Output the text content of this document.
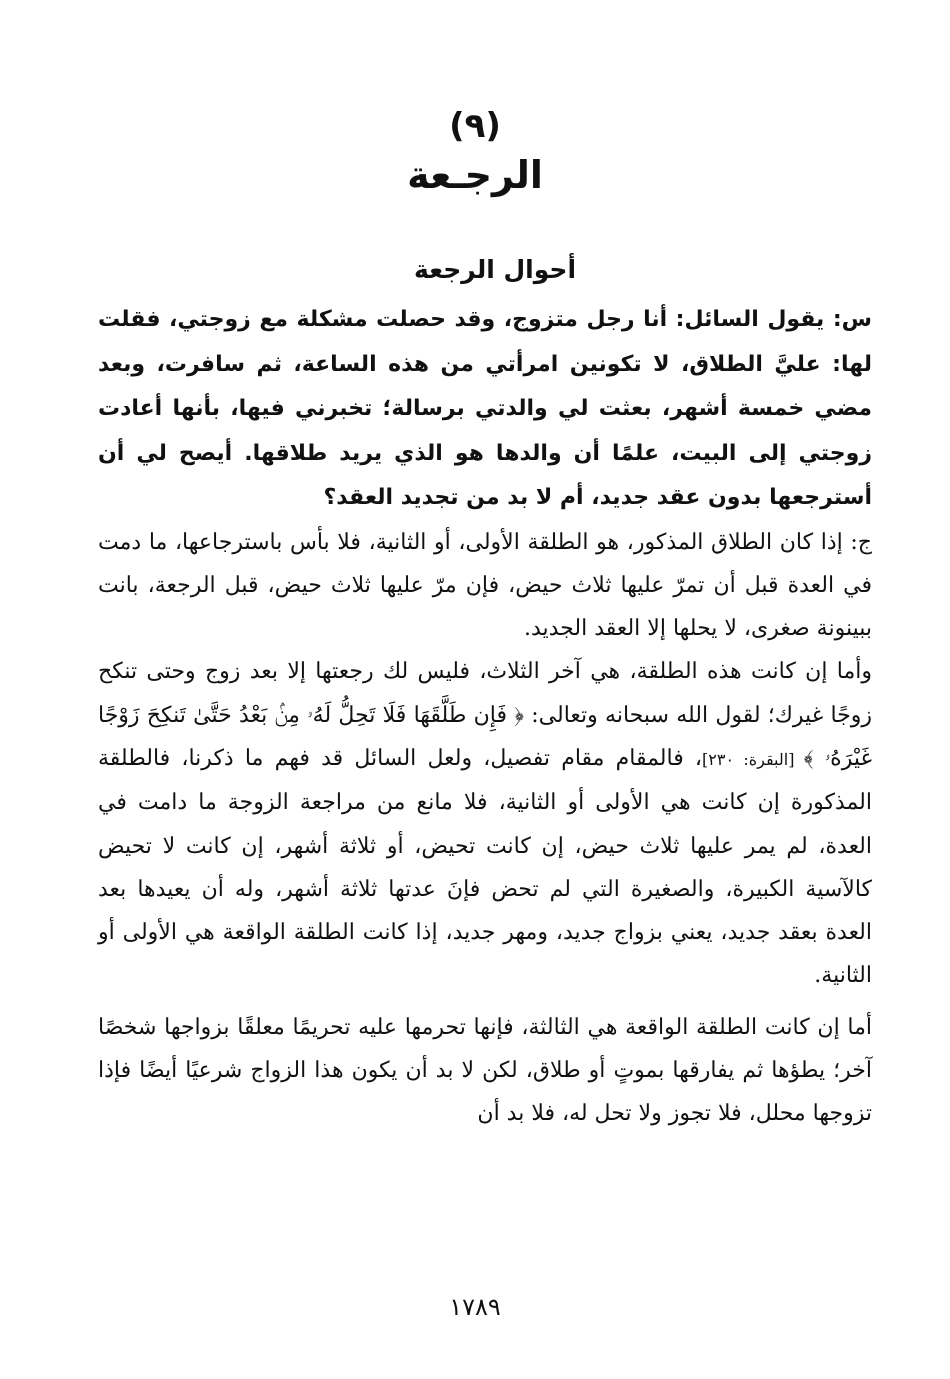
(٩)
الرجـعة
أحوال الرجعة

س: يقول السائل: أنا رجل متزوج، وقد حصلت مشكلة مع زوجتي، فقلت لها: عليَّ الطلاق، لا تكونين امرأتي من هذه الساعة، ثم سافرت، وبعد مضي خمسة أشهر، بعثت لي والدتي برسالة؛ تخبرني فيها، بأنها أعادت زوجتي إلى البيت، علمًا أن والدها هو الذي يريد طلاقها. أيصح لي أن أسترجعها بدون عقد جديد، أم لا بد من تجديد العقد؟

ج: إذا كان الطلاق المذكور، هو الطلقة الأولى، أو الثانية، فلا بأس باسترجاعها، ما دمت في العدة قبل أن تمرّ عليها ثلاث حيض، فإن مرّ عليها ثلاث حيض، قبل الرجعة، بانت ببينونة صغرى، لا يحلها إلا العقد الجديد.

وأما إن كانت هذه الطلقة، هي آخر الثلاث، فليس لك رجعتها إلا بعد زوج وحتى تنكح زوجًا غيرك؛ لقول الله سبحانه وتعالى: ﴿ فَإِن طَلَّقَهَا فَلَا تَحِلُّ لَهُۥ مِنۢ بَعْدُ حَتَّىٰ تَنكِحَ زَوْجًا غَيْرَهُۥ ﴾ [البقرة: ٢٣٠]، فالمقام مقام تفصيل، ولعل السائل قد فهم ما ذكرنا، فالطلقة المذكورة إن كانت هي الأولى أو الثانية، فلا مانع من مراجعة الزوجة ما دامت في العدة، لم يمر عليها ثلاث حيض، إن كانت تحيض، أو ثلاثة أشهر، إن كانت لا تحيض كالآسية الكبيرة، والصغيرة التي لم تحض فإنَ عدتها ثلاثة أشهر، وله أن يعيدها بعد العدة بعقد جديد، يعني بزواج جديد، ومهر جديد، إذا كانت الطلقة الواقعة هي الأولى أو الثانية.

أما إن كانت الطلقة الواقعة هي الثالثة، فإنها تحرمها عليه تحريمًا معلقًا بزواجها شخصًا آخر؛ يطؤها ثم يفارقها بموتٍ أو طلاق، لكن لا بد أن يكون هذا الزواج شرعيًا أيضًا فإذا تزوجها محلل، فلا تجوز ولا تحل له، فلا بد أن

١٧٨٩
